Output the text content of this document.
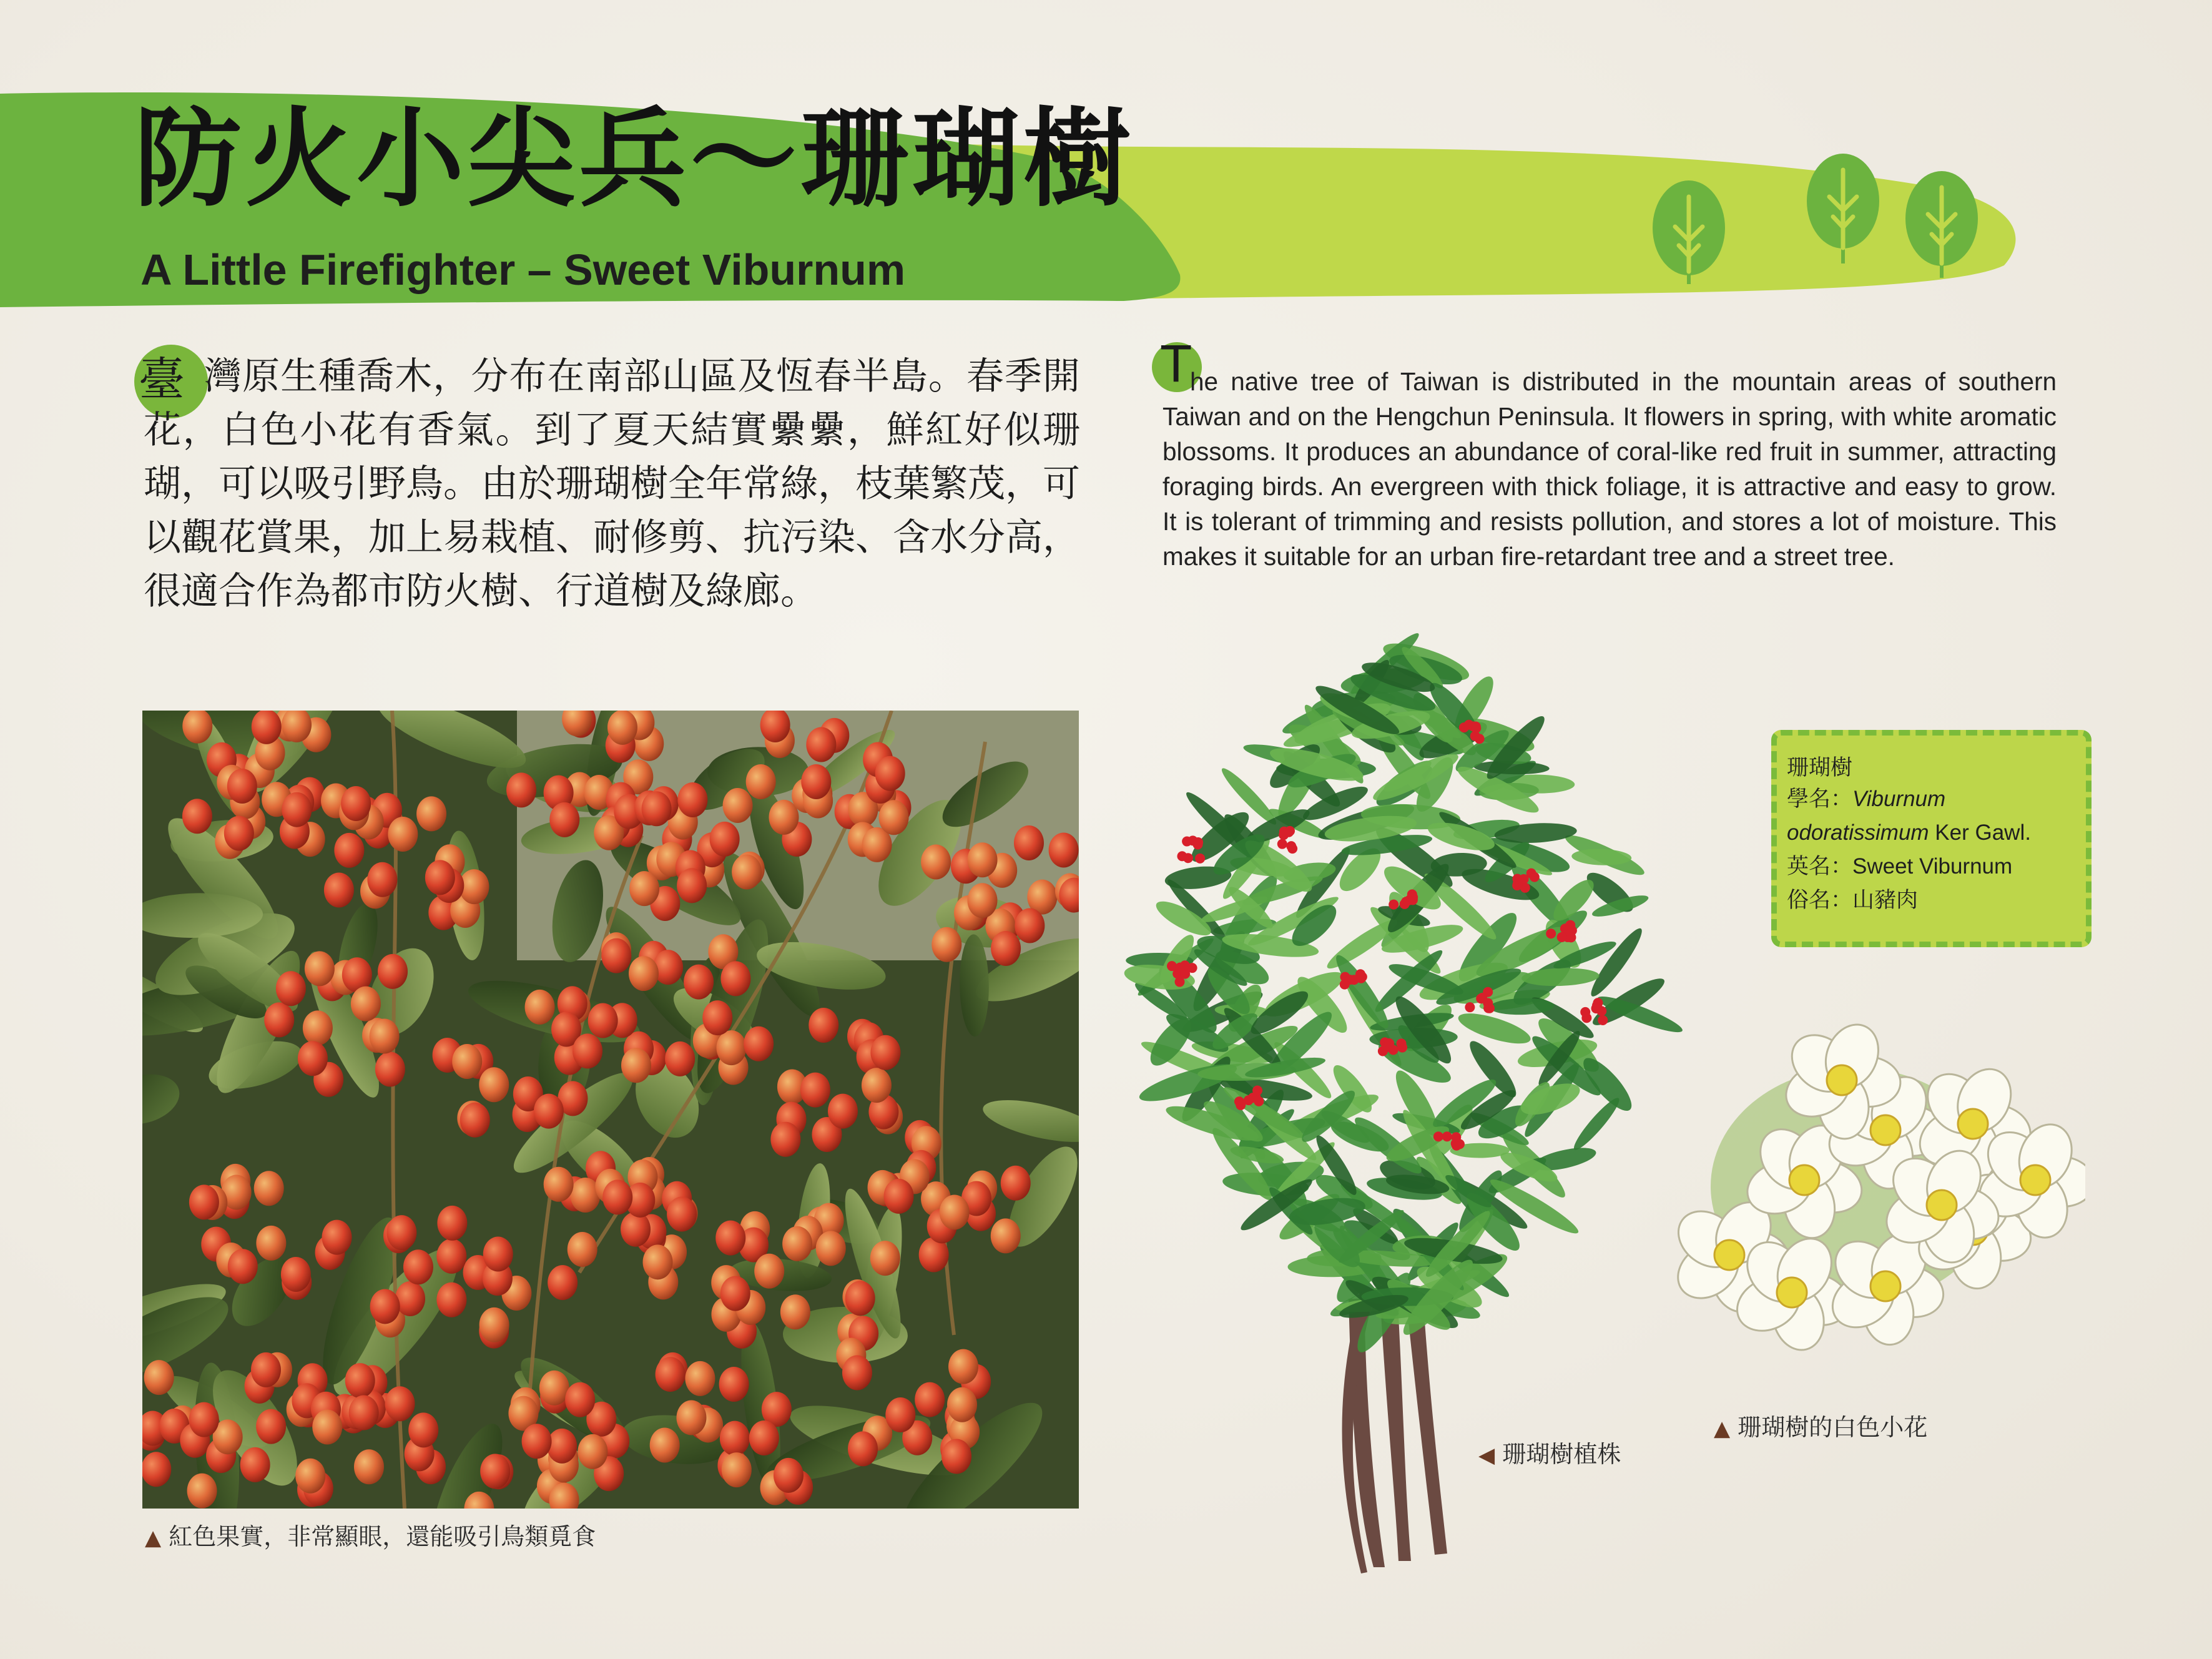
防火小尖兵～珊瑚樹
A Little Firefighter – Sweet Viburnum
臺 灣原生種喬木，分布在南部山區及恆春半島。春季開花，白色小花有香氣。到了夏天結實纍纍，鮮紅好似珊瑚，可以吸引野鳥。由於珊瑚樹全年常綠，枝葉繁茂，可以觀花賞果，加上易栽植、耐修剪、抗污染、含水分高，很適合作為都市防火樹、行道樹及綠廊。
T
he native tree of Taiwan is distributed in the mountain areas of southern Taiwan and on the Hengchun Peninsula. It flowers in spring, with white aromatic blossoms. It produces an abundance of coral-like red fruit in summer, attracting foraging birds. An evergreen with thick foliage, it is attractive and easy to grow. It is tolerant of trimming and resists pollution, and stores a lot of moisture. This makes it suitable for an urban fire-retardant tree and a street tree.
▲ 紅色果實，非常顯眼，還能吸引鳥類覓食
◀ 珊瑚樹植株
▲ 珊瑚樹的白色小花
珊瑚樹
學名：Viburnum
odoratissimum Ker Gawl.
英名：Sweet Viburnum
俗名：山豬肉
